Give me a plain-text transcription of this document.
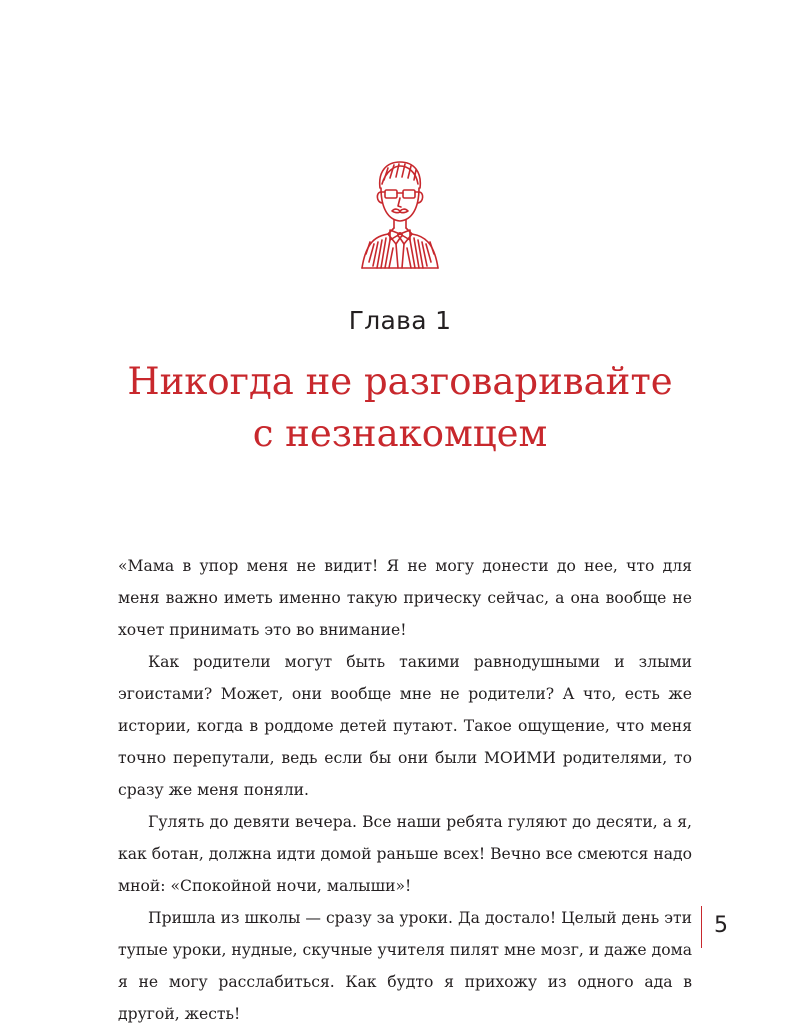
Глава 1
Никогда не разговаривайте
с незнакомцем

«Мама в упор меня не видит! Я не могу донести до нее, что для меня важно иметь именно такую прическу сейчас, а она вообще не хочет принимать это во внимание!

Как родители могут быть такими равнодушными и злыми эгоистами? Может, они вообще мне не родители? А что, есть же истории, когда в роддоме детей путают. Такое ощущение, что меня точно перепутали, ведь если бы они были МОИМИ родителями, то сразу же меня поняли.

Гулять до девяти вечера. Все наши ребята гуляют до десяти, а я, как ботан, должна идти домой раньше всех! Вечно все смеются надо мной: «Спокойной ночи, малыши»!

Пришла из школы — сразу за уроки. Да достало! Целый день эти тупые уроки, нудные, скучные учителя пилят мне мозг, и даже дома я не могу расслабиться. Как будто я прихожу из одного ада в другой, жесть!

5
